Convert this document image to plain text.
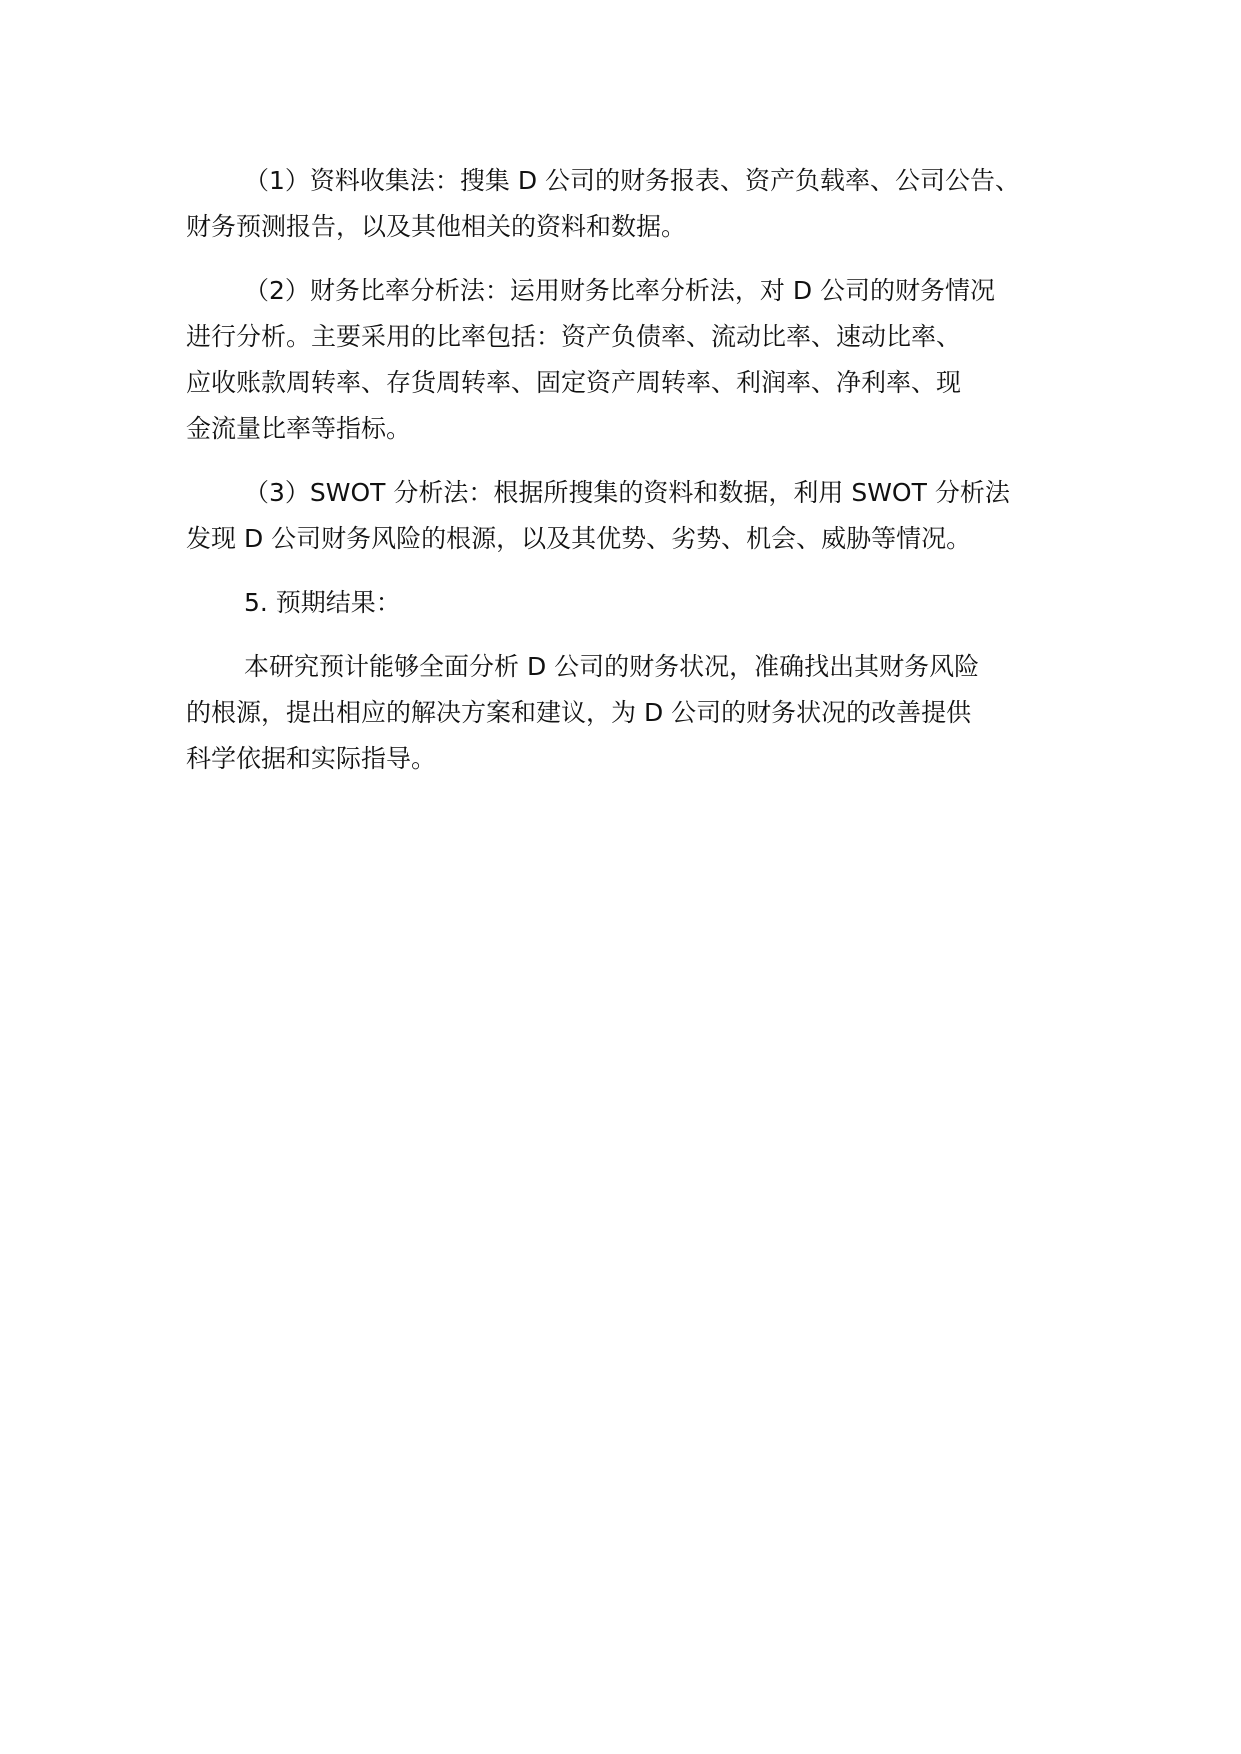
（1）资料收集法：搜集 D 公司的财务报表、资产负载率、公司公告、
财务预测报告，以及其他相关的资料和数据。
（2）财务比率分析法：运用财务比率分析法，对 D 公司的财务情况
进行分析。主要采用的比率包括：资产负债率、流动比率、速动比率、
应收账款周转率、存货周转率、固定资产周转率、利润率、净利率、现
金流量比率等指标。
（3）SWOT 分析法：根据所搜集的资料和数据，利用 SWOT 分析法
发现 D 公司财务风险的根源，以及其优势、劣势、机会、威胁等情况。
5. 预期结果：
本研究预计能够全面分析 D 公司的财务状况，准确找出其财务风险
的根源，提出相应的解决方案和建议，为 D 公司的财务状况的改善提供
科学依据和实际指导。
